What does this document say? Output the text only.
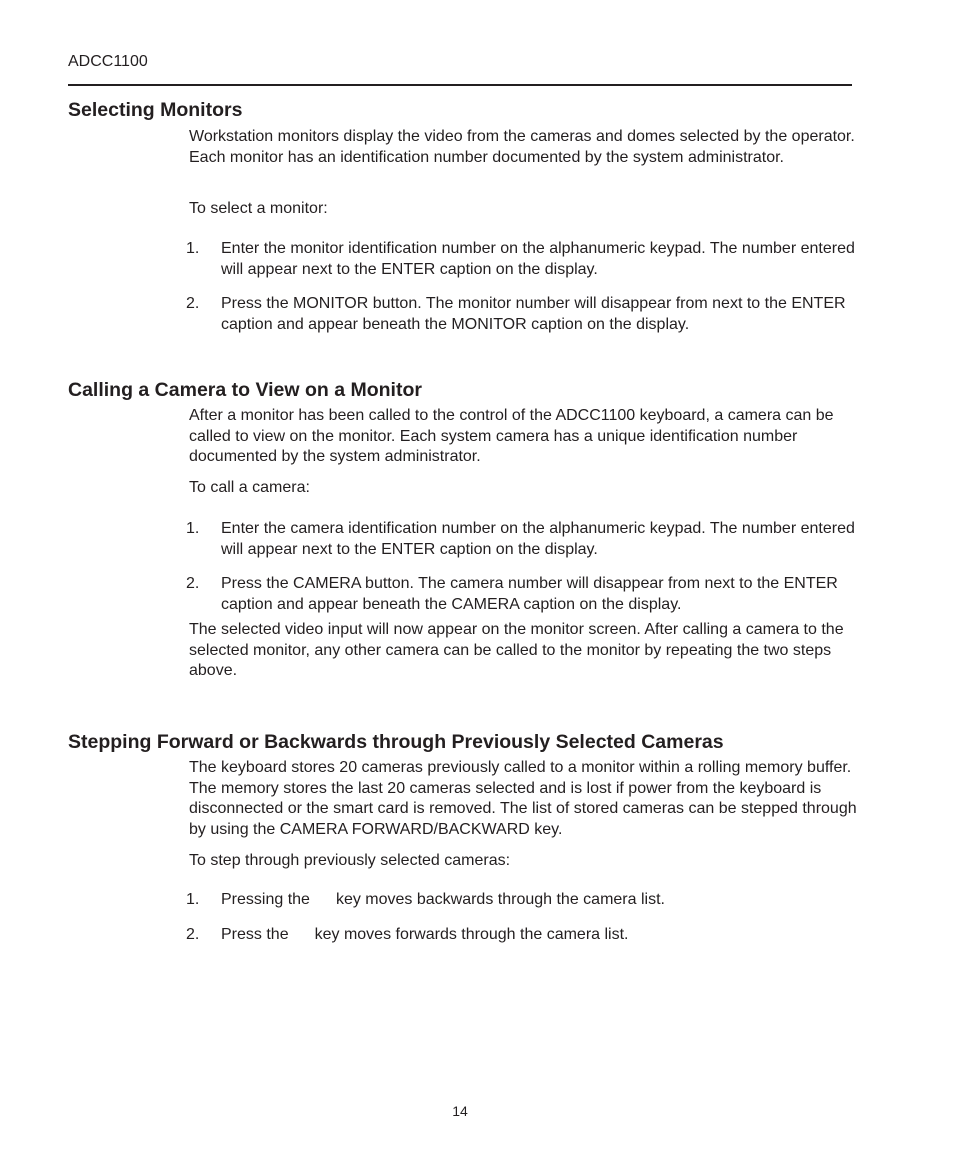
ADCC1100
Selecting Monitors

Workstation monitors display the video from the cameras and domes selected by the operator. Each monitor has an identification number documented by the system administrator.

To select a monitor:

1.	Enter the monitor identification number on the alphanumeric keypad. The number entered will appear next to the ENTER caption on the display.
2.	Press the MONITOR button. The monitor number will disappear from next to the ENTER caption and appear beneath the MONITOR caption on the display.
Calling a Camera to View on a Monitor

After a monitor has been called to the control of the ADCC1100 keyboard, a camera can be called to view on the monitor. Each system camera has a unique identification number documented by the system administrator.

To call a camera:

1.	Enter the camera identification number on the alphanumeric keypad. The number entered will appear next to the ENTER caption on the display.
2.	Press the CAMERA button. The camera number will disappear from next to the ENTER caption and appear beneath the CAMERA caption on the display.

The selected video input will now appear on the monitor screen. After calling a camera to the selected monitor, any other camera can be called to the monitor by repeating the two steps above.

Stepping Forward or Backwards through Previously Selected Cameras

The keyboard stores 20 cameras previously called to a monitor within a rolling memory buffer. The memory stores the last 20 cameras selected and is lost if power from the keyboard is disconnected or the smart card is removed. The list of stored cameras can be stepped through by using the CAMERA FORWARD/BACKWARD key.

To step through previously selected cameras:

1.	Pressing the key moves backwards through the camera list.
2.	Press the key moves forwards through the camera list.
14
